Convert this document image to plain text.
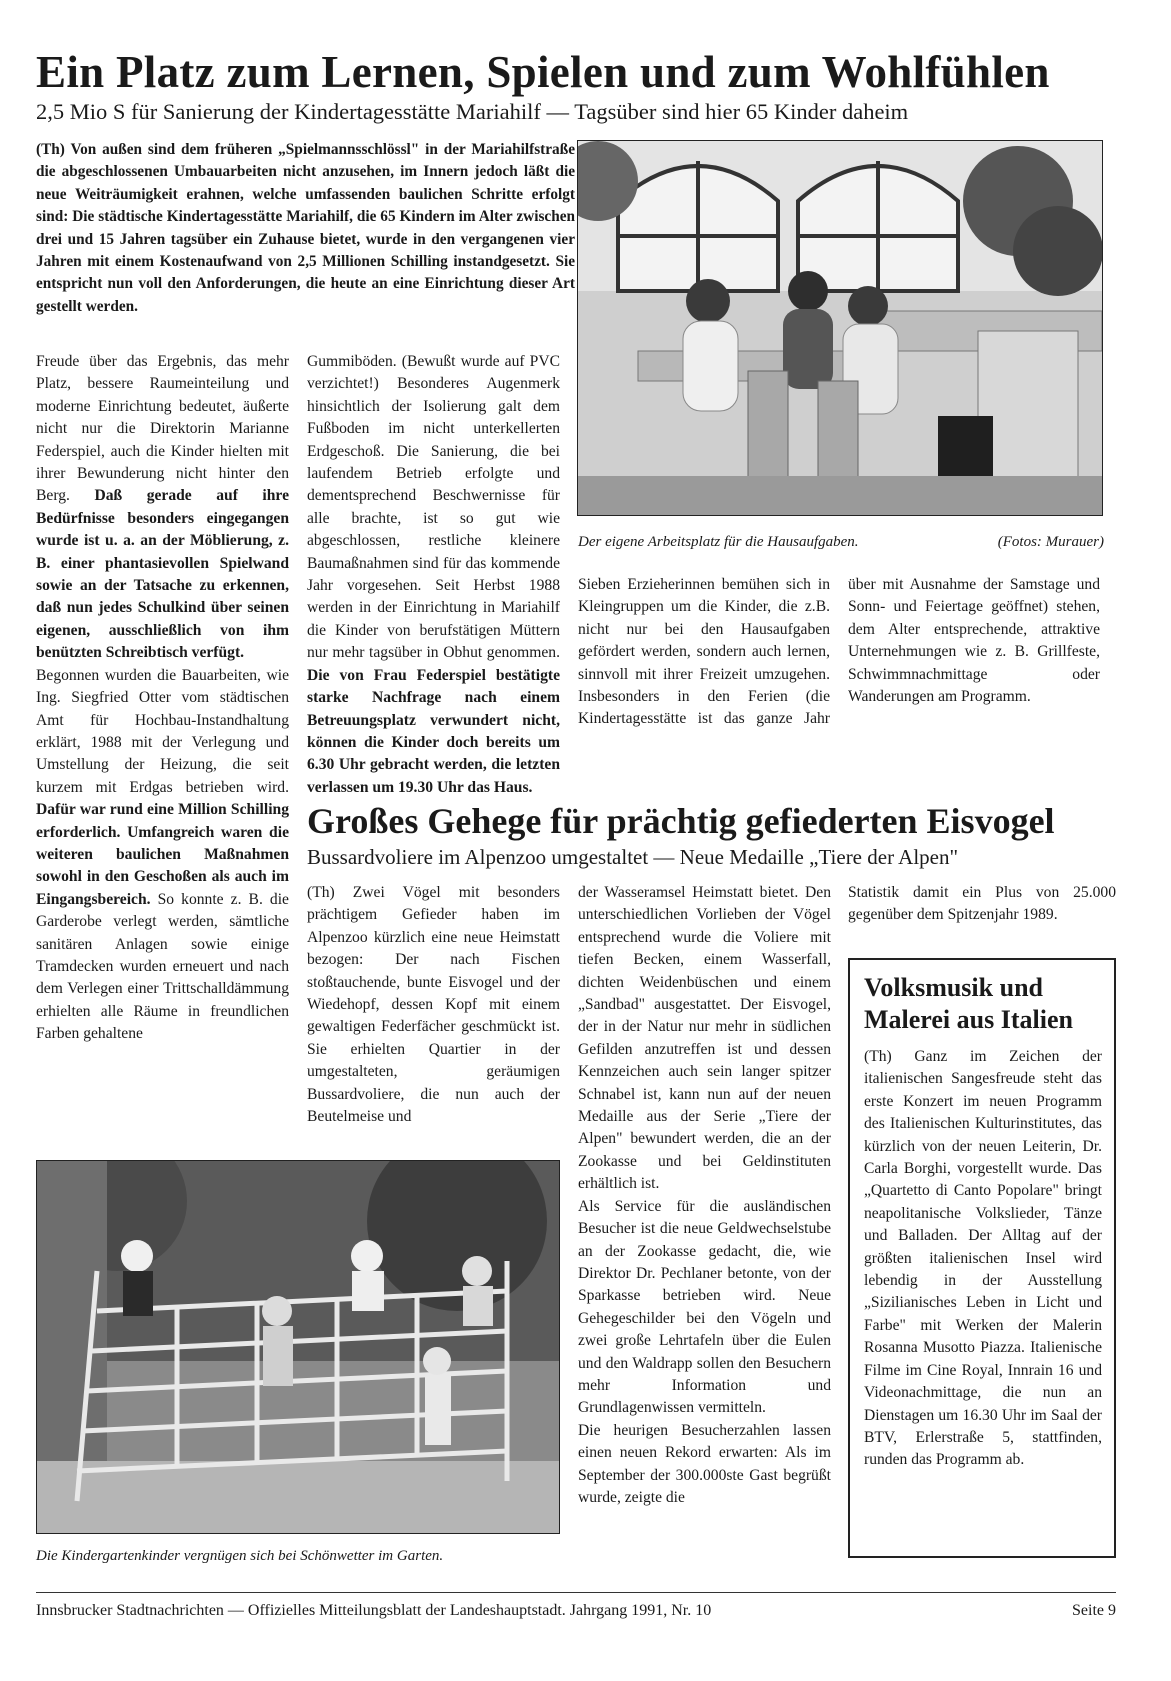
Ein Platz zum Lernen, Spielen und zum Wohlfühlen
2,5 Mio S für Sanierung der Kindertagesstätte Mariahilf — Tagsüber sind hier 65 Kinder daheim
(Th) Von außen sind dem früheren „Spielmannsschlössl" in der Mariahilfstraße die abgeschlossenen Umbauarbeiten nicht anzusehen, im Innern jedoch läßt die neue Weiträumigkeit erahnen, welche umfassenden baulichen Schritte erfolgt sind: Die städtische Kindertagesstätte Mariahilf, die 65 Kindern im Alter zwischen drei und 15 Jahren tagsüber ein Zuhause bietet, wurde in den vergangenen vier Jahren mit einem Kostenaufwand von 2,5 Millionen Schilling instandgesetzt. Sie entspricht nun voll den Anforderungen, die heute an eine Einrichtung dieser Art gestellt werden.
Der eigene Arbeitsplatz für die Hausaufgaben.	(Fotos: Murauer)

Freude über das Ergebnis, das mehr Platz, bessere Raumeinteilung und moderne Einrichtung bedeutet, äußerte nicht nur die Direktorin Marianne Federspiel, auch die Kinder hielten mit ihrer Bewunderung nicht hinter den Berg. Daß gerade auf ihre Bedürfnisse besonders eingegangen wurde ist u. a. an der Möblierung, z. B. einer phantasievollen Spielwand sowie an der Tatsache zu erkennen, daß nun jedes Schulkind über seinen eigenen, ausschließlich von ihm benützten Schreibtisch verfügt.

Begonnen wurden die Bauarbeiten, wie Ing. Siegfried Otter vom städtischen Amt für Hochbau-Instandhaltung erklärt, 1988 mit der Verlegung und Umstellung der Heizung, die seit kurzem mit Erdgas betrieben wird. Dafür war rund eine Million Schilling erforderlich. Umfangreich waren die weiteren baulichen Maßnahmen sowohl in den Geschoßen als auch im Eingangsbereich. So konnte z. B. die Garderobe verlegt werden, sämtliche sanitären Anlagen sowie einige Tramdecken wurden erneuert und nach dem Verlegen einer Trittschalldämmung erhielten alle Räume in freundlichen Farben gehaltene

Gummiböden. (Bewußt wurde auf PVC verzichtet!) Besonderes Augenmerk hinsichtlich der Isolierung galt dem Fußboden im nicht unterkellerten Erdgeschoß. Die Sanierung, die bei laufendem Betrieb erfolgte und dementsprechend Beschwernisse für alle brachte, ist so gut wie abgeschlossen, restliche kleinere Baumaßnahmen sind für das kommende Jahr vorgesehen. Seit Herbst 1988 werden in der Einrichtung in Mariahilf die Kinder von berufstätigen Müttern nur mehr tagsüber in Obhut genommen. Die von Frau Federspiel bestätigte starke Nachfrage nach einem Betreuungsplatz verwundert nicht, können die Kinder doch bereits um 6.30 Uhr gebracht werden, die letzten verlassen um 19.30 Uhr das Haus.

Sieben Erzieherinnen bemühen sich in Kleingruppen um die Kinder, die z.B. nicht nur bei den Hausaufgaben gefördert werden, sondern auch lernen, sinnvoll mit ihrer Freizeit umzugehen. Insbesonders in den Ferien (die Kindertagesstätte ist das ganze Jahr über mit Ausnahme der Samstage und Sonn- und Feiertage geöffnet) stehen, dem Alter entsprechende, attraktive Unternehmungen wie z. B. Grillfeste, Schwimmnachmittage oder Wanderungen am Programm.

Großes Gehege für prächtig gefiederten Eisvogel
Bussardvoliere im Alpenzoo umgestaltet — Neue Medaille „Tiere der Alpen"

(Th) Zwei Vögel mit besonders prächtigem Gefieder haben im Alpenzoo kürzlich eine neue Heimstatt bezogen: Der nach Fischen stoßtauchende, bunte Eisvogel und der Wiedehopf, dessen Kopf mit einem gewaltigen Federfächer geschmückt ist. Sie erhielten Quartier in der umgestalteten, geräumigen Bussardvoliere, die nun auch der Beutelmeise und

der Wasseramsel Heimstatt bietet. Den unterschiedlichen Vorlieben der Vögel entsprechend wurde die Voliere mit tiefen Becken, einem Wasserfall, dichten Weidenbüschen und einem „Sandbad" ausgestattet. Der Eisvogel, der in der Natur nur mehr in südlichen Gefilden anzutreffen ist und dessen Kennzeichen auch sein langer spitzer Schnabel ist, kann nun auf der neuen Medaille aus der Serie „Tiere der Alpen" bewundert werden, die an der Zookasse und bei Geldinstituten erhältlich ist.

Als Service für die ausländischen Besucher ist die neue Geldwechselstube an der Zookasse gedacht, die, wie Direktor Dr. Pechlaner betonte, von der Sparkasse betrieben wird. Neue Gehegeschilder bei den Vögeln und zwei große Lehrtafeln über die Eulen und den Waldrapp sollen den Besuchern mehr Information und Grundlagenwissen vermitteln.

Die heurigen Besucherzahlen lassen einen neuen Rekord erwarten: Als im September der 300.000ste Gast begrüßt wurde, zeigte die

Statistik damit ein Plus von 25.000 gegenüber dem Spitzenjahr 1989.

Volksmusik und Malerei aus Italien

(Th) Ganz im Zeichen der italienischen Sangesfreude steht das erste Konzert im neuen Programm des Italienischen Kulturinstitutes, das kürzlich von der neuen Leiterin, Dr. Carla Borghi, vorgestellt wurde. Das „Quartetto di Canto Popolare" bringt neapolitanische Volkslieder, Tänze und Balladen. Der Alltag auf der größten italienischen Insel wird lebendig in der Ausstellung „Sizilianisches Leben in Licht und Farbe" mit Werken der Malerin Rosanna Musotto Piazza. Italienische Filme im Cine Royal, Innrain 16 und Videonachmittage, die nun an Dienstagen um 16.30 Uhr im Saal der BTV, Erlerstraße 5, stattfinden, runden das Programm ab.

Die Kindergartenkinder vergnügen sich bei Schönwetter im Garten.
Innsbrucker Stadtnachrichten — Offizielles Mitteilungsblatt der Landeshauptstadt. Jahrgang 1991, Nr. 10	Seite 9
